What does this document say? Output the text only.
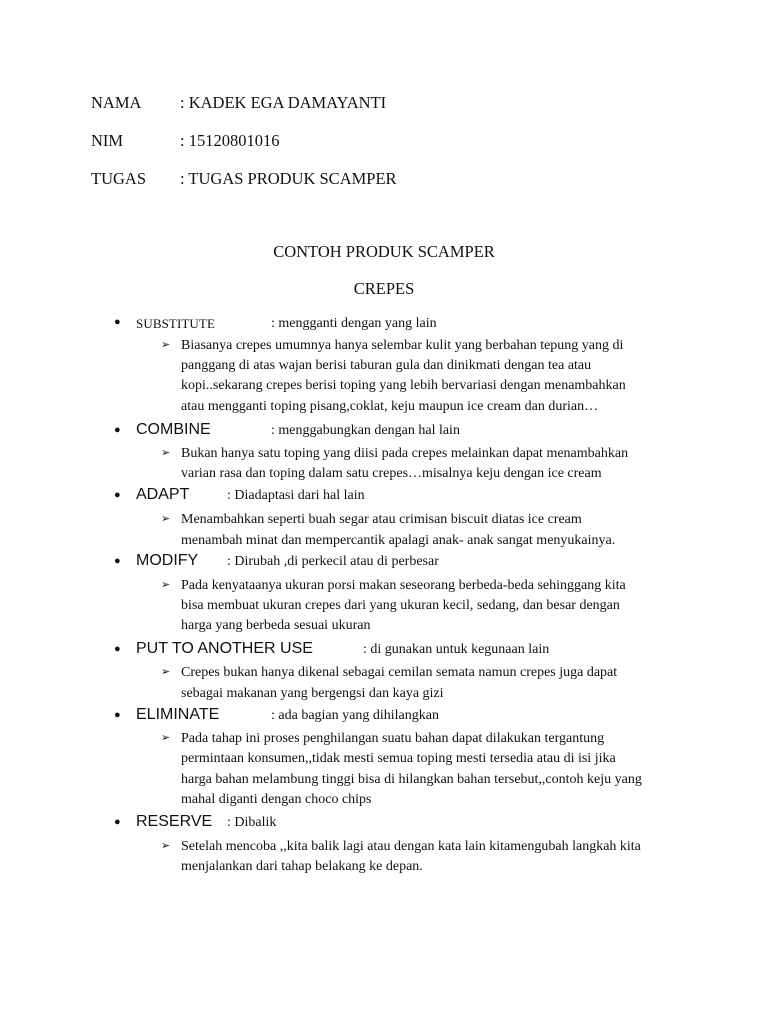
NAMA : KADEK EGA DAMAYANTI
NIM	: 15120801016
TUGAS : TUGAS PRODUK SCAMPER
CONTOH PRODUK SCAMPER
CREPES
● SUBSTITUTE	: mengganti dengan yang lain
➢ Biasanya crepes umumnya hanya selembar kulit yang berbahan tepung yang di
panggang di atas wajan berisi taburan gula dan dinikmati dengan tea atau
kopi..sekarang crepes berisi toping yang lebih bervariasi dengan menambahkan
atau mengganti toping pisang,coklat, keju maupun ice cream dan durian…
● COMBINE	: menggabungkan dengan hal lain
➢ Bukan hanya satu toping yang diisi pada crepes melainkan dapat menambahkan
varian rasa dan toping dalam satu crepes…misalnya keju dengan ice cream
● ADAPT	: Diadaptasi dari hal lain
➢ Menambahkan seperti buah segar atau crimisan biscuit diatas ice cream
menambah minat dan mempercantik apalagi anak- anak sangat menyukainya.
● MODIFY : Dirubah ,di perkecil atau di perbesar
➢ Pada kenyataanya ukuran porsi makan seseorang berbeda-beda sehinggang kita
bisa membuat ukuran crepes dari yang ukuran kecil, sedang, dan besar dengan
harga yang berbeda sesuai ukuran
● PUT TO ANOTHER USE	: di gunakan untuk kegunaan lain
➢ Crepes bukan hanya dikenal sebagai cemilan semata namun crepes juga dapat
sebagai makanan yang bergengsi dan kaya gizi
● ELIMINATE	: ada bagian yang dihilangkan
➢ Pada tahap ini proses penghilangan suatu bahan dapat dilakukan tergantung
permintaan konsumen,,tidak mesti semua toping mesti tersedia atau di isi jika
harga bahan melambung tinggi bisa di hilangkan bahan tersebut,,contoh keju yang
mahal diganti dengan choco chips
● RESERVE : Dibalik
➢ Setelah mencoba ,,kita balik lagi atau dengan kata lain kitamengubah langkah kita
menjalankan dari tahap belakang ke depan.
